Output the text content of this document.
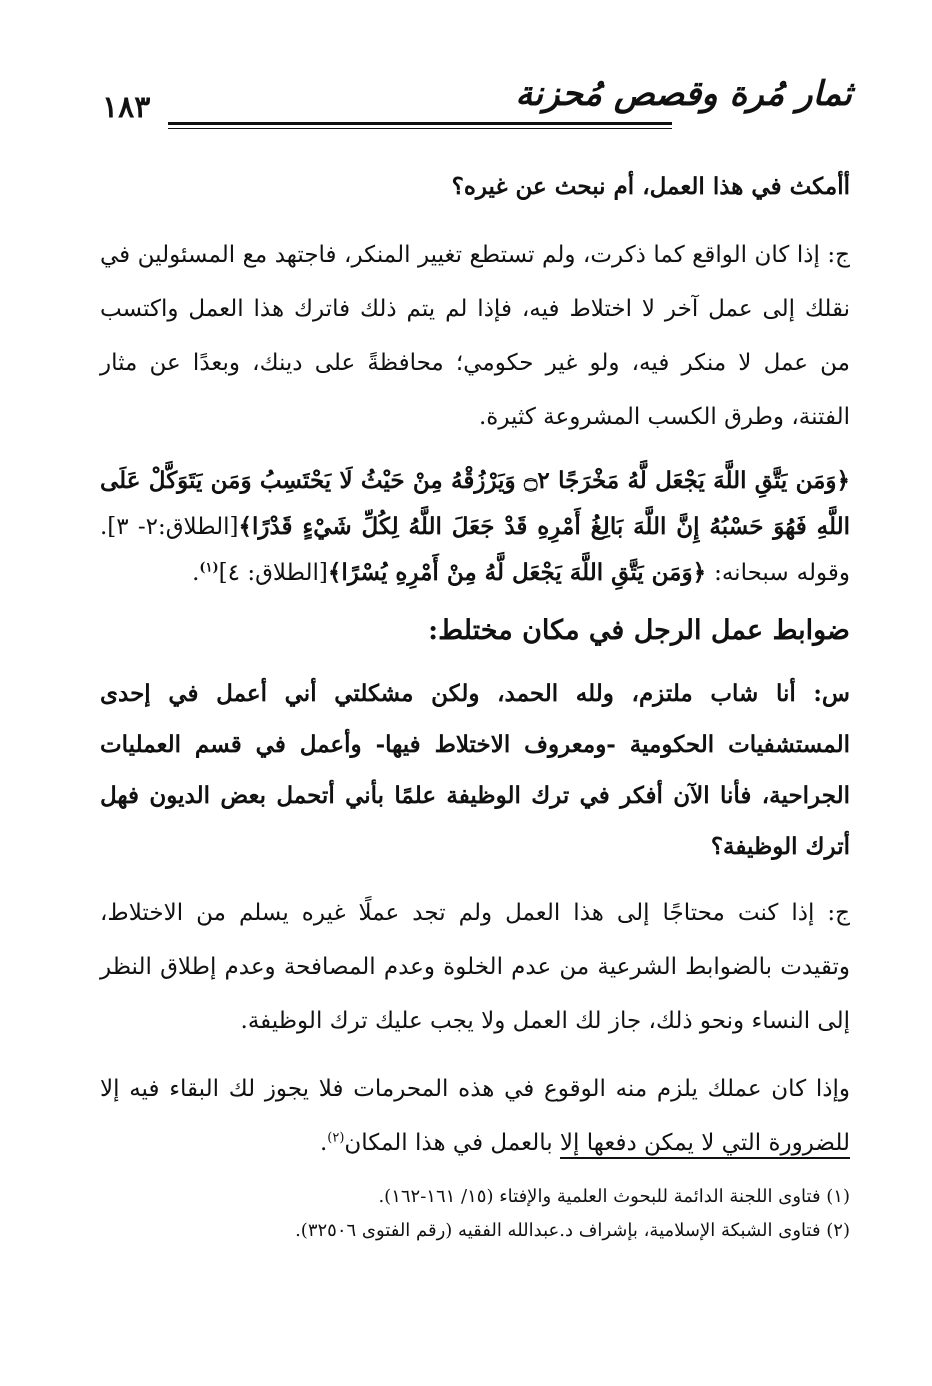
١٨٣	ثمار مُرة وقصص مُحزنة

أأمكث في هذا العمل، أم نبحث عن غيره؟

ج: إذا كان الواقع كما ذكرت، ولم تستطع تغيير المنكر، فاجتهد مع المسئولين في نقلك إلى عمل آخر لا اختلاط فيه، فإذا لم يتم ذلك فاترك هذا العمل واكتسب من عمل لا منكر فيه، ولو غير حكومي؛ محافظةً على دينك، وبعدًا عن مثار الفتنة، وطرق الكسب المشروعة كثيرة.

﴿وَمَن يَتَّقِ اللَّهَ يَجْعَل لَّهُ مَخْرَجًا ۝٢ وَيَرْزُقْهُ مِنْ حَيْثُ لَا يَحْتَسِبُ وَمَن يَتَوَكَّلْ عَلَى اللَّهِ فَهُوَ حَسْبُهُ إِنَّ اللَّهَ بَالِغُ أَمْرِهِ قَدْ جَعَلَ اللَّهُ لِكُلِّ شَيْءٍ قَدْرًا﴾[الطلاق:٢- ٣]. وقوله سبحانه: ﴿وَمَن يَتَّقِ اللَّهَ يَجْعَل لَّهُ مِنْ أَمْرِهِ يُسْرًا﴾[الطلاق: ٤]$^{(١)}$.

ضوابط عمل الرجل في مكان مختلط:

س: أنا شاب ملتزم، ولله الحمد، ولكن مشكلتي أني أعمل في إحدى المستشفيات الحكومية -ومعروف الاختلاط فيها- وأعمل في قسم العمليات الجراحية، فأنا الآن أفكر في ترك الوظيفة علمًا بأني أتحمل بعض الديون فهل أترك الوظيفة؟

ج: إذا كنت محتاجًا إلى هذا العمل ولم تجد عملًا غيره يسلم من الاختلاط، وتقيدت بالضوابط الشرعية من عدم الخلوة وعدم المصافحة وعدم إطلاق النظر إلى النساء ونحو ذلك، جاز لك العمل ولا يجب عليك ترك الوظيفة.

وإذا كان عملك يلزم منه الوقوع في هذه المحرمات فلا يجوز لك البقاء فيه إلا للضرورة التي لا يمكن دفعها إلا بالعمل في هذا المكان$^{(٢)}$.

(١) فتاوى اللجنة الدائمة للبحوث العلمية والإفتاء (١٥/ ١٦١-١٦٢).

(٢) فتاوى الشبكة الإسلامية، بإشراف د.عبدالله الفقيه (رقم الفتوى ٣٢٥٠٦).
